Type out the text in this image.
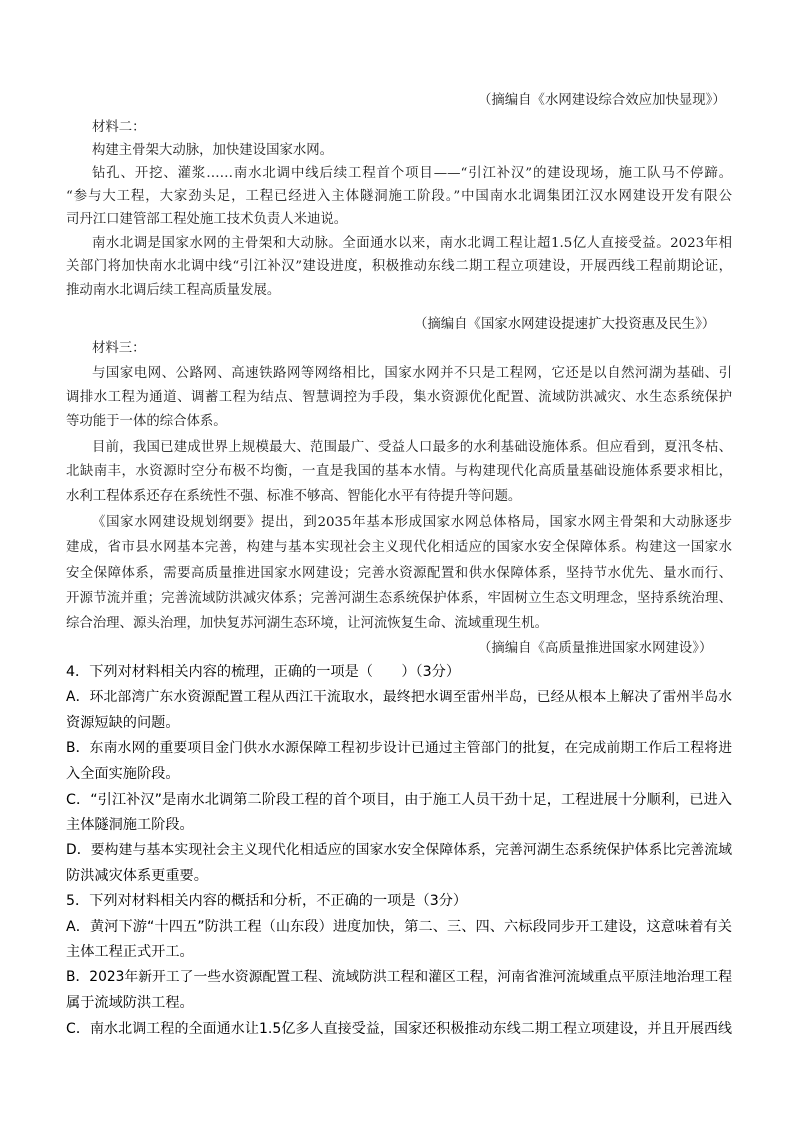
（摘编自《水网建设综合效应加快显现》）
材料二：
构建主骨架大动脉，加快建设国家水网。
钻孔、开挖、灌浆……南水北调中线后续工程首个项目——“引江补汉”的建设现场，施工队马不停蹄。
“参与大工程，大家劲头足，工程已经进入主体隧洞施工阶段。”中国南水北调集团江汉水网建设开发有限公
司丹江口建管部工程处施工技术负责人米迪说。
南水北调是国家水网的主骨架和大动脉。全面通水以来，南水北调工程让超1.5亿人直接受益。2023年相
关部门将加快南水北调中线“引江补汉”建设进度，积极推动东线二期工程立项建设，开展西线工程前期论证，
推动南水北调后续工程高质量发展。
（摘编自《国家水网建设提速扩大投资惠及民生》）
材料三：
与国家电网、公路网、高速铁路网等网络相比，国家水网并不只是工程网，它还是以自然河湖为基础、引
调排水工程为通道、调蓄工程为结点、智慧调控为手段，集水资源优化配置、流域防洪减灾、水生态系统保护
等功能于一体的综合体系。
目前，我国已建成世界上规模最大、范围最广、受益人口最多的水利基础设施体系。但应看到，夏汛冬枯、
北缺南丰，水资源时空分布极不均衡，一直是我国的基本水情。与构建现代化高质量基础设施体系要求相比，
水利工程体系还存在系统性不强、标准不够高、智能化水平有待提升等问题。
《国家水网建设规划纲要》提出，到2035年基本形成国家水网总体格局，国家水网主骨架和大动脉逐步
建成，省市县水网基本完善，构建与基本实现社会主义现代化相适应的国家水安全保障体系。构建这一国家水
安全保障体系，需要高质量推进国家水网建设；完善水资源配置和供水保障体系，坚持节水优先、量水而行、
开源节流并重；完善流域防洪减灾体系；完善河湖生态系统保护体系，牢固树立生态文明理念，坚持系统治理、
综合治理、源头治理，加快复苏河湖生态环境，让河流恢复生命、流域重现生机。
（摘编自《高质量推进国家水网建设》）
4．下列对材料相关内容的梳理，正确的一项是（　　）（3分）
A．环北部湾广东水资源配置工程从西江干流取水，最终把水调至雷州半岛，已经从根本上解决了雷州半岛水
资源短缺的问题。
B．东南水网的重要项目金门供水水源保障工程初步设计已通过主管部门的批复，在完成前期工作后工程将进
入全面实施阶段。
C．“引江补汉”是南水北调第二阶段工程的首个项目，由于施工人员干劲十足，工程进展十分顺利，已进入
主体隧洞施工阶段。
D．要构建与基本实现社会主义现代化相适应的国家水安全保障体系，完善河湖生态系统保护体系比完善流域
防洪减灾体系更重要。
5．下列对材料相关内容的概括和分析，不正确的一项是（3分）
A．黄河下游“十四五”防洪工程（山东段）进度加快，第二、三、四、六标段同步开工建设，这意味着有关
主体工程正式开工。
B．2023年新开工了一些水资源配置工程、流域防洪工程和灌区工程，河南省淮河流域重点平原洼地治理工程
属于流域防洪工程。
C．南水北调工程的全面通水让1.5亿多人直接受益，国家还积极推动东线二期工程立项建设，并且开展西线
